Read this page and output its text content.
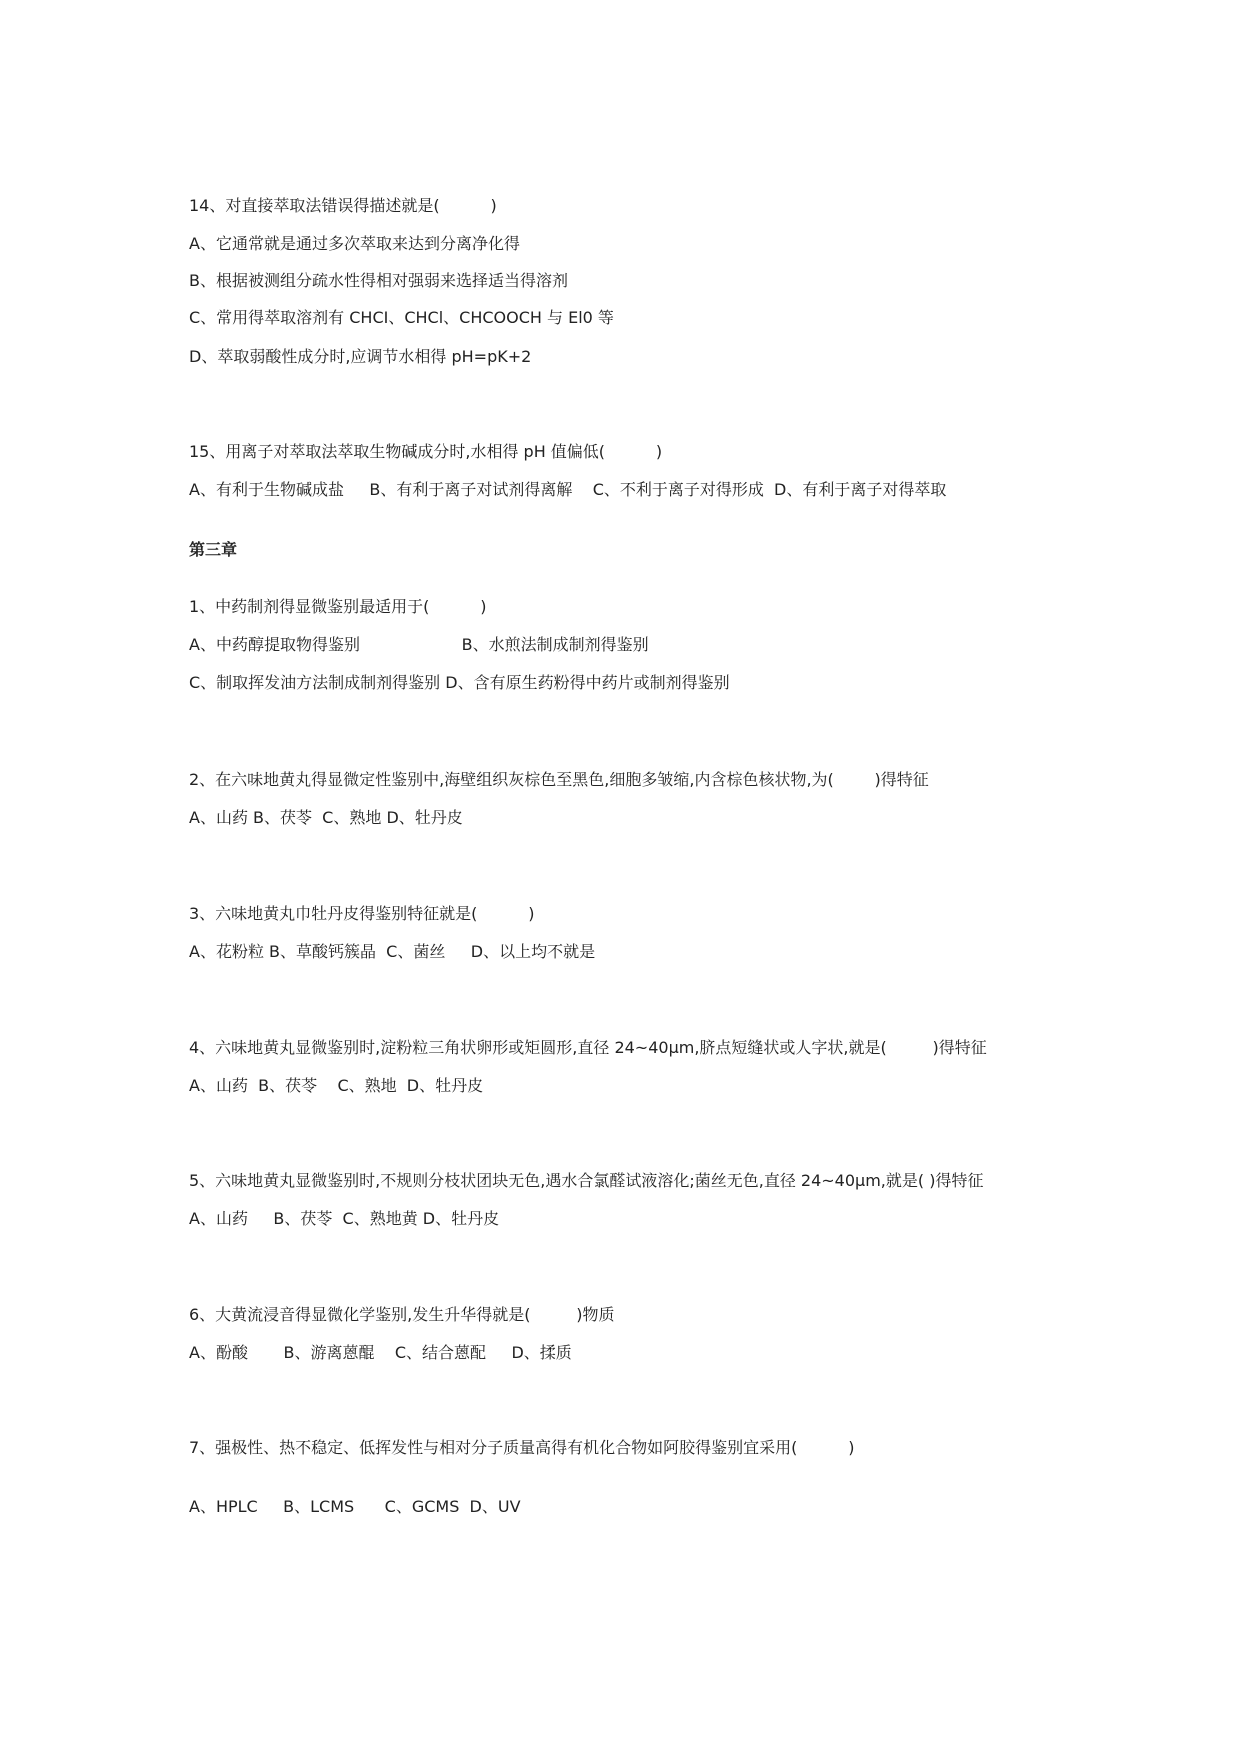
14、对直接萃取法错误得描述就是(          )
A、它通常就是通过多次萃取来达到分离净化得
B、根据被测组分疏水性得相对强弱来选择适当得溶剂
C、常用得萃取溶剂有 CHCI、CHCl、CHCOOCH 与 El0 等
D、萃取弱酸性成分时,应调节水相得 pH=pK+2
15、用离子对萃取法萃取生物碱成分时,水相得 pH 值偏低(          )
A、有利于生物碱成盐     B、有利于离子对试剂得离解    C、不利于离子对得形成  D、有利于离子对得萃取
第三章
1、中药制剂得显微鉴别最适用于(          )
A、中药醇提取物得鉴别                    B、水煎法制成制剂得鉴别
C、制取挥发油方法制成制剂得鉴别 D、含有原生药粉得中药片或制剂得鉴别
2、在六味地黄丸得显微定性鉴别中,海壁组织灰棕色至黑色,细胞多皱缩,内含棕色核状物,为(        )得特征
A、山药 B、茯苓  C、熟地 D、牡丹皮
3、六味地黄丸巾牡丹皮得鉴别特征就是(          )
A、花粉粒 B、草酸钙簇晶  C、菌丝     D、以上均不就是
4、六味地黄丸显微鉴别时,淀粉粒三角状卵形或矩圆形,直径 24~40μm,脐点短缝状或人字状,就是(         )得特征
A、山药  B、茯苓    C、熟地  D、牡丹皮
5、六味地黄丸显微鉴别时,不规则分枝状团块无色,遇水合氯醛试液溶化;菌丝无色,直径 24~40μm,就是( )得特征
A、山药     B、茯苓  C、熟地黄 D、牡丹皮
6、大黄流浸音得显微化学鉴别,发生升华得就是(         )物质
A、酚酸       B、游离蒽醌    C、结合蒽配     D、揉质
7、强极性、热不稳定、低挥发性与相对分子质量高得有机化合物如阿胶得鉴别宜采用(          )
A、HPLC     B、LCMS      C、GCMS  D、UV
